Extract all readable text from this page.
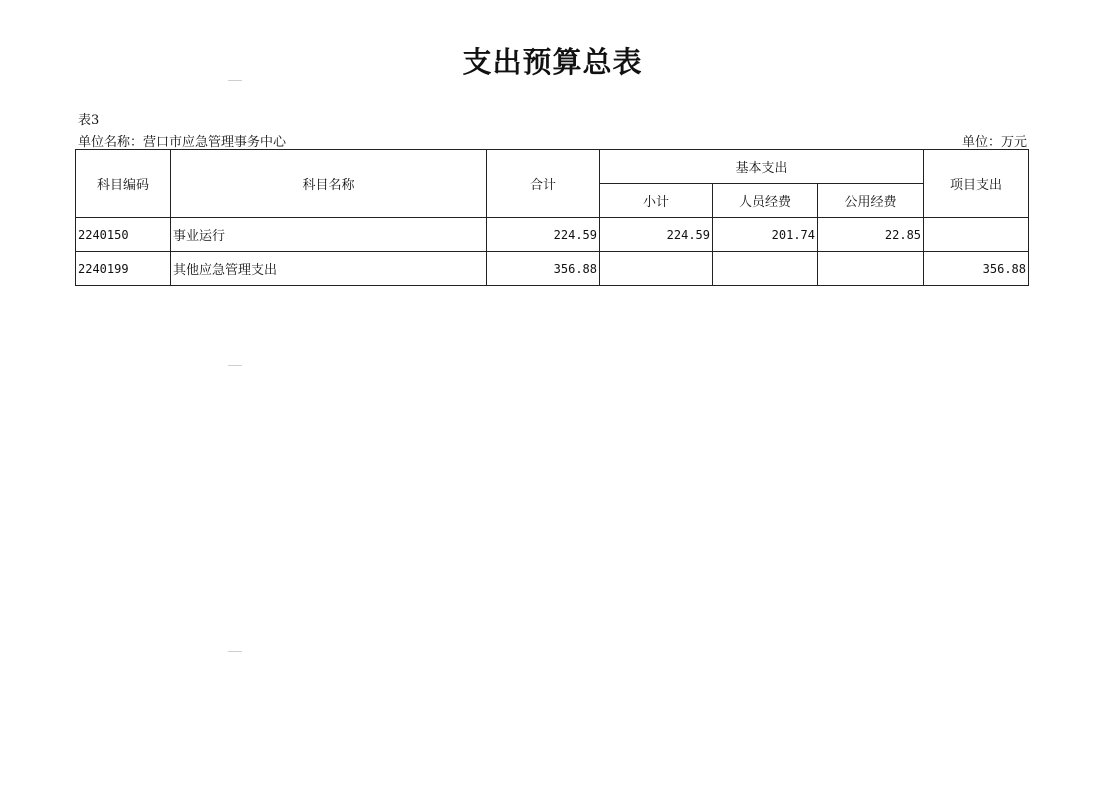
支出预算总表
表3
单位名称：营口市应急管理事务中心	单位：万元
科目编码	科目名称	合计	基本支出			项目支出
			小计	人员经费	公用经费	
2240150	事业运行	224.59	224.59	201.74	22.85	
2240199	其他应急管理支出	356.88				356.88
